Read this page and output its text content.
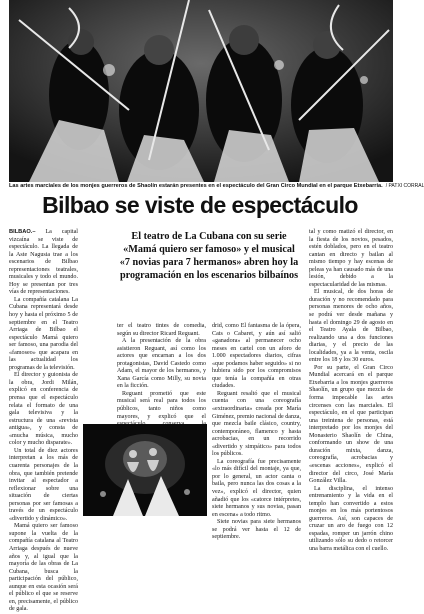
Las artes marciales de los monjes guerreros de Shaolín estarán presentes en el espectáculo del Gran Circo Mundial en el parque Etxebarria. / PATXI CORRAL
Bilbao se viste de espectáculo
El teatro de La Cubana con su serie «Mamá quiero ser famoso» y el musical «7 novias para 7 hermanos» abren hoy la programación en los escenarios bilbaínos

BILBAO.– La capital vizcaína se viste de espectáculo. La llegada de la Aste Nagusia trae a los escenarios de Bilbao representaciones teatrales, musicales y todo el mundo. Hoy se presentan por tres vías de representaciones.

La compañía catalana La Cubana representará desde hoy y hasta el próximo 5 de septiembre en el Teatro Arriaga de Bilbao el espectáculo Mamá quiero ser famoso, una parodia del «famoseo» que acapara en las actualidad los programas de la televisión.

El director y guionista de la obra, Jordi Milán, explicó en conferencia de prensa que el espectáculo relata el formato de una gala televisiva y la estructura de una «revista antigua», y consta de «mucha música, mucho color y mucho disparate».

Un total de diez actores interpretan a los más de cuarenta personajes de la obra, que también pretende invitar al espectador a reflexionar sobre una situación de ciertas personas por ser famosas a través de un espectáculo «divertido y dinámico».

Mamá quiero ser famoso supone la vuelta de la compañía catalana al Teatro Arriaga después de nueve años y, al igual que la mayoría de las obras de La Cubana, busca la participación del público, aunque en esta ocasión será el público el que se reserve en, precisamente, el público de gala.

ter el teatro tintes de comedia, según su director Ricard Reguant.

A la presentación de la obra asistieron Reguant, así como los actores que encarnan a los dos protagonistas, David Castedo como Adam, el mayor de los hermanos, y Xana García como Milly, su novia en la ficción.

Reguant prometió que este musical será real para todos los públicos, tanto niños como mayores, y explicó que el

drid, como El fantasma de la ópera, Cats o Cabaret, y aún así salió «ganadora» al permanecer ocho meses en cartel con un aforo de 1.000 espectadores diarios, cifras «que podamos haber seguido» si no hubiera sido por los compromisos que tenía la compañía en otras ciudades.

Reguant resaltó que el musical cuenta con una coreografía «extraordinaria» creada por María Giménez, premio nacional de danza, que mezcla baile clásico, country, contemporáneo, flamenco y hasta acrobacias, en un recorrido «divertido y simpático» para todos los públicos.

La coreografía fue precisamente «lo más difícil del montaje, ya que, por lo general, un actor canta o baila, pero nunca las dos cosas a la vez», explicó el director, quien añadió que los «catorce intérpretes, siete hermanos y sus novias, pasan en escena» a todo ritmo.

Siete novias para siete hermanos se podrá ver hasta el 12 de septiembre.

tal y como matizó el director, en la fiesta de los novios, pesados, estén doblados, pero en el teatro cantan en directo y bailan al mismo tiempo y hay escenas de peleas ya han causado más de una lesión, debido a la espectacularidad de las mismas.

El musical, de dos horas de duración y no recomendado para personas menores de ocho años, se podrá ver desde mañana y hasta el domingo 29 de agosto en el Teatro Ayala de Bilbao, realizando una a dos funciones diarias, y el precio de las localidades, ya a la venta, oscila entre los 18 y los 30 euros.

Por su parte, el Gran Circo Mundial acercará en el parque Etxebarria a los monjes guerreros Shaolín, un grupo que mezcla de forma impecable las artes circenses con las marciales. El espectáculo, en el que participan una treintena de personas, está interpretado por los monjes del Monasterio Shaolín de China, conformando un show de una duración mixta, danza, coreografía, acrobacias y «escenas acciones», explicó el director del circo, José María González Villa.

La disciplina, el intenso entrenamiento y la vida en el templo han convertido a estos monjes en los más portentosos guerreros. Así, son capaces de cruzar un aro de fuego con 12 espadas, romper un jarrón chino utilizando sólo su dedo o retorcer una barra metálica con el cuello.
